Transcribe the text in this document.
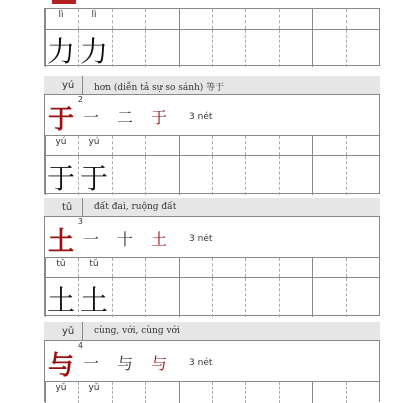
lì	lì
力 力
yú hơn (diễn tả sự so sánh) 等于
于
2
一 二 于 3 nét
yú	yú
于 于
tǔ đất đai, ruộng đất
土
3
一 十 土 3 nét
tǔ	tǔ
土 土
yǔ cùng, với, cùng với
与
4
一 与 与 3 nét
yǔ	yǔ
